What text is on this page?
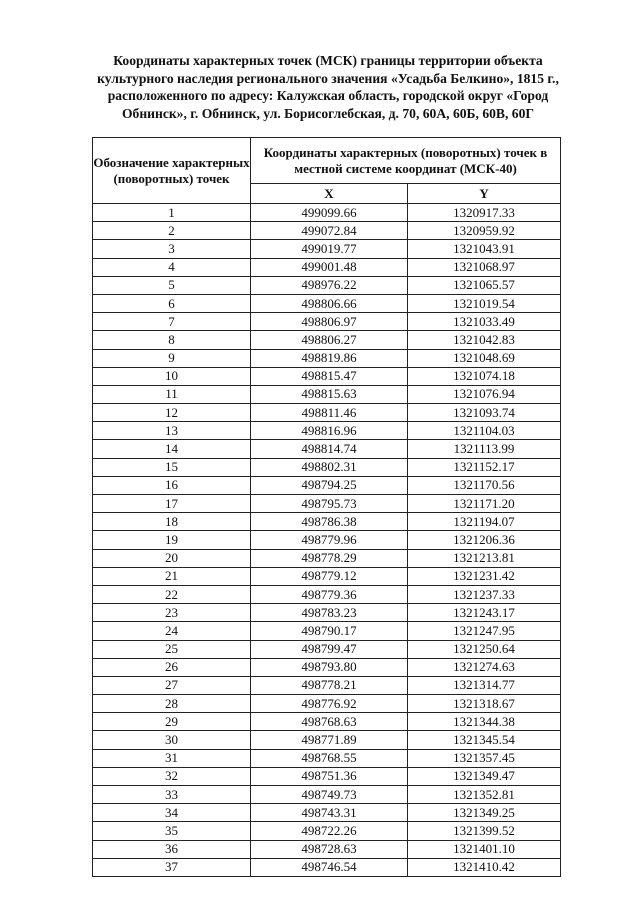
Координаты характерных точек (МСК) границы территории объекта
культурного наследия регионального значения «Усадьба Белкино», 1815 г.,
расположенного по адресу: Калужская область, городской округ «Город
Обнинск», г. Обнинск, ул. Борисоглебская, д. 70, 60А, 60Б, 60В, 60Г
Обозначение характерных (поворотных) точек	Координаты характерных (поворотных) точек в местной системе координат (МСК-40)	
	X	Y
1	499099.66	1320917.33
2	499072.84	1320959.92
3	499019.77	1321043.91
4	499001.48	1321068.97
5	498976.22	1321065.57
6	498806.66	1321019.54
7	498806.97	1321033.49
8	498806.27	1321042.83
9	498819.86	1321048.69
10	498815.47	1321074.18
11	498815.63	1321076.94
12	498811.46	1321093.74
13	498816.96	1321104.03
14	498814.74	1321113.99
15	498802.31	1321152.17
16	498794.25	1321170.56
17	498795.73	1321171.20
18	498786.38	1321194.07
19	498779.96	1321206.36
20	498778.29	1321213.81
21	498779.12	1321231.42
22	498779.36	1321237.33
23	498783.23	1321243.17
24	498790.17	1321247.95
25	498799.47	1321250.64
26	498793.80	1321274.63
27	498778.21	1321314.77
28	498776.92	1321318.67
29	498768.63	1321344.38
30	498771.89	1321345.54
31	498768.55	1321357.45
32	498751.36	1321349.47
33	498749.73	1321352.81
34	498743.31	1321349.25
35	498722.26	1321399.52
36	498728.63	1321401.10
37	498746.54	1321410.42
